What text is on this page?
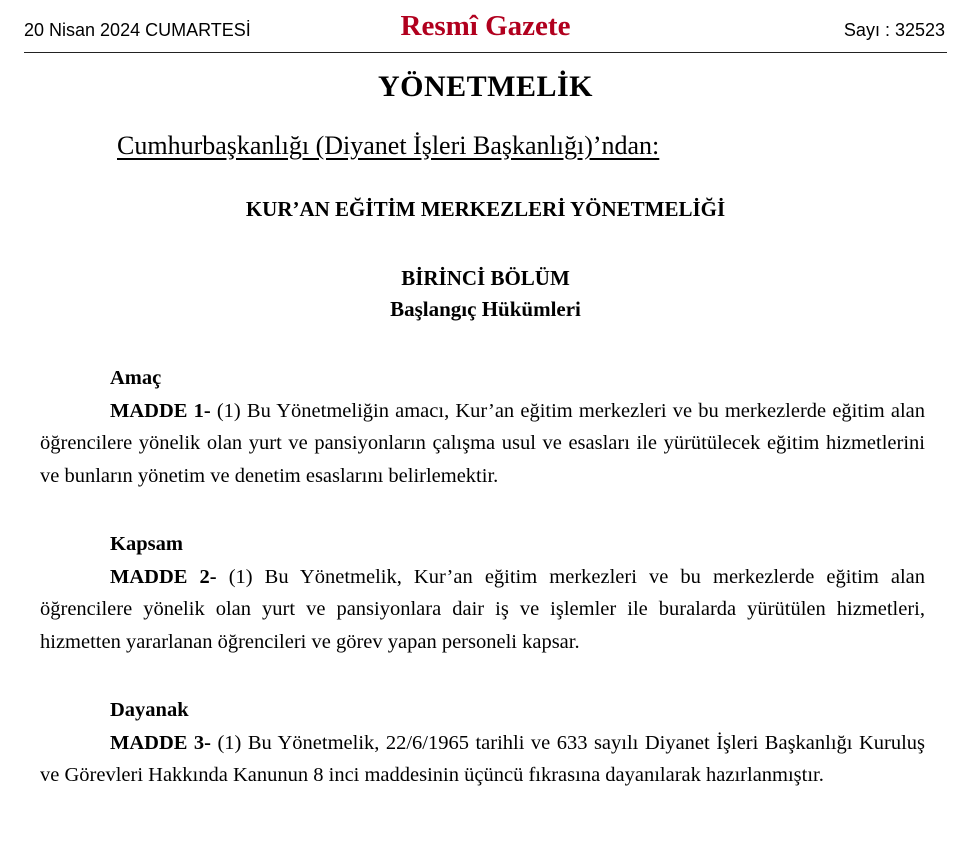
20 Nisan 2024 CUMARTESİ	Resmî Gazete	Sayı : 32523
YÖNETMELİK
Cumhurbaşkanlığı (Diyanet İşleri Başkanlığı)’ndan:
KUR’AN EĞİTİM MERKEZLERİ YÖNETMELİĞİ
BİRİNCİ BÖLÜM
Başlangıç Hükümleri
Amaç
MADDE 1- (1) Bu Yönetmeliğin amacı, Kur’an eğitim merkezleri ve bu merkezlerde eğitim alan öğrencilere yönelik olan yurt ve pansiyonların çalışma usul ve esasları ile yürütülecek eğitim hizmetlerini ve bunların yönetim ve denetim esaslarını belirlemektir.
Kapsam
MADDE 2- (1) Bu Yönetmelik, Kur’an eğitim merkezleri ve bu merkezlerde eğitim alan öğrencilere yönelik olan yurt ve pansiyonlara dair iş ve işlemler ile buralarda yürütülen hizmetleri, hizmetten yararlanan öğrencileri ve görev yapan personeli kapsar.
Dayanak
MADDE 3- (1) Bu Yönetmelik, 22/6/1965 tarihli ve 633 sayılı Diyanet İşleri Başkanlığı Kuruluş ve Görevleri Hakkında Kanunun 8 inci maddesinin üçüncü fıkrasına dayanılarak hazırlanmıştır.
